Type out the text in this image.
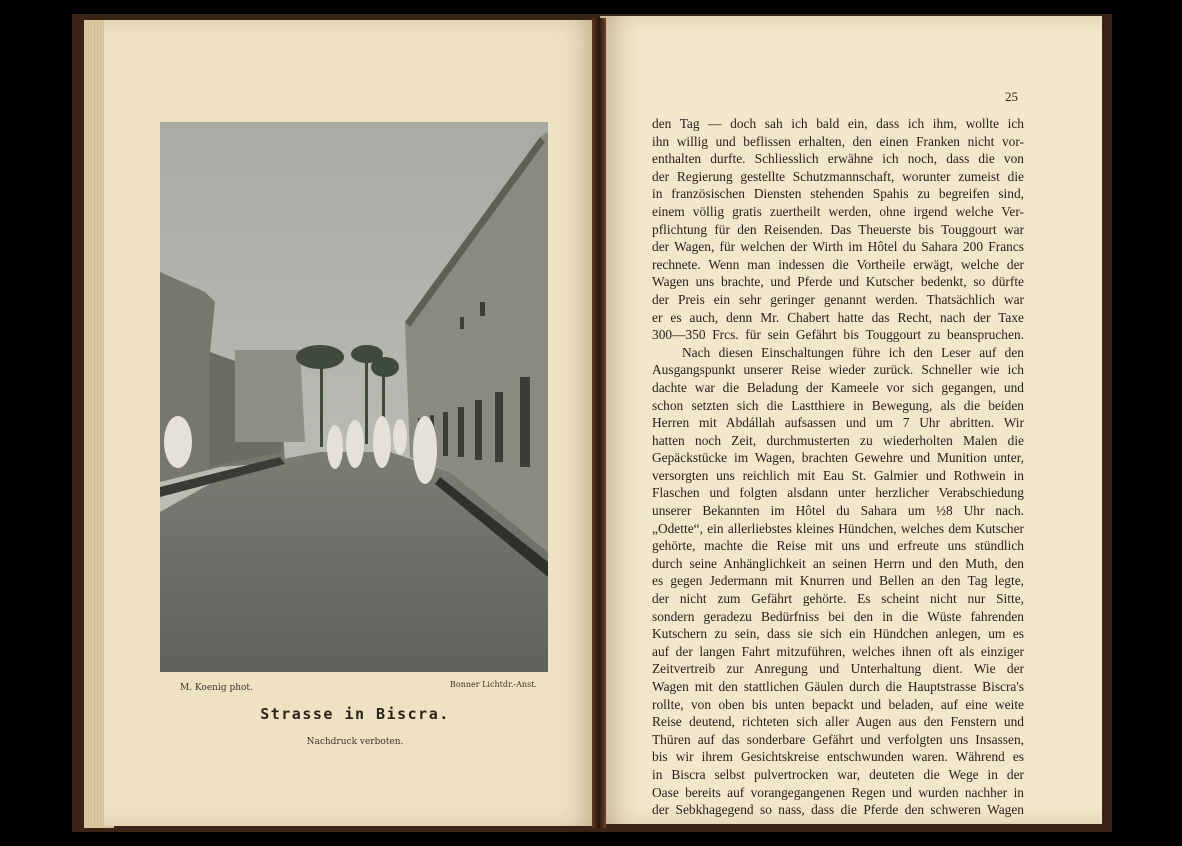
M. Koenig phot.	Bonner Lichtdr.-Anst.
Strasse in Biscra.
Nachdruck verboten.
25
den Tag — doch sah ich bald ein, dass ich ihm, wollte ich
ihn willig und beflissen erhalten, den einen Franken nicht vor-
enthalten durfte. Schliesslich erwähne ich noch, dass die von
der Regierung gestellte Schutzmannschaft, worunter zumeist die
in französischen Diensten stehenden Spahis zu begreifen sind,
einem völlig gratis zuertheilt werden, ohne irgend welche Ver-
pflichtung für den Reisenden. Das Theuerste bis Touggourt war
der Wagen, für welchen der Wirth im Hôtel du Sahara 200 Francs
rechnete. Wenn man indessen die Vortheile erwägt, welche der
Wagen uns brachte, und Pferde und Kutscher bedenkt, so dürfte
der Preis ein sehr geringer genannt werden. Thatsächlich war
er es auch, denn Mr. Chabert hatte das Recht, nach der Taxe
300—350 Frcs. für sein Gefährt bis Touggourt zu beanspruchen.
Nach diesen Einschaltungen führe ich den Leser auf den
Ausgangspunkt unserer Reise wieder zurück. Schneller wie ich
dachte war die Beladung der Kameele vor sich gegangen, und
schon setzten sich die Lastthiere in Bewegung, als die beiden
Herren mit Abdállah aufsassen und um 7 Uhr abritten. Wir
hatten noch Zeit, durchmusterten zu wiederholten Malen die
Gepäckstücke im Wagen, brachten Gewehre und Munition unter,
versorgten uns reichlich mit Eau St. Galmier und Rothwein in
Flaschen und folgten alsdann unter herzlicher Verabschiedung
unserer Bekannten im Hôtel du Sahara um ½8 Uhr nach.
„Odette“, ein allerliebstes kleines Hündchen, welches dem Kutscher
gehörte, machte die Reise mit uns und erfreute uns stündlich
durch seine Anhänglichkeit an seinen Herrn und den Muth, den
es gegen Jedermann mit Knurren und Bellen an den Tag legte,
der nicht zum Gefährt gehörte. Es scheint nicht nur Sitte,
sondern geradezu Bedürfniss bei den in die Wüste fahrenden
Kutschern zu sein, dass sie sich ein Hündchen anlegen, um es
auf der langen Fahrt mitzuführen, welches ihnen oft als einziger
Zeitvertreib zur Anregung und Unterhaltung dient. Wie der
Wagen mit den stattlichen Gäulen durch die Hauptstrasse Biscra's
rollte, von oben bis unten bepackt und beladen, auf eine weite
Reise deutend, richteten sich aller Augen aus den Fenstern und
Thüren auf das sonderbare Gefährt und verfolgten uns Insassen,
bis wir ihrem Gesichtskreise entschwunden waren. Während es
in Biscra selbst pulvertrocken war, deuteten die Wege in der
Oase bereits auf vorangegangenen Regen und wurden nachher in
der Sebkhagegend so nass, dass die Pferde den schweren Wagen
